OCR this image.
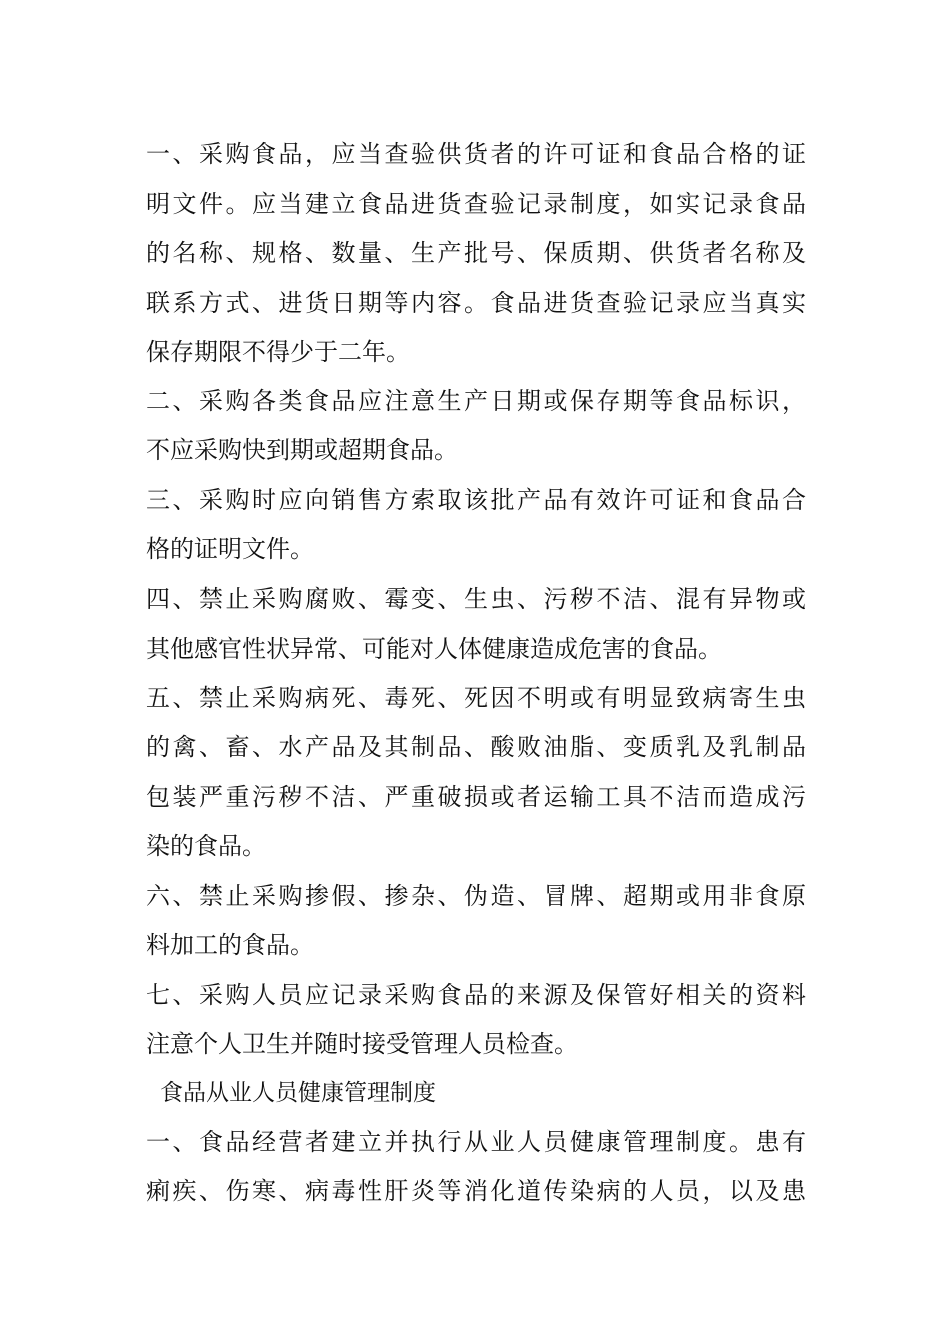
一、采购食品，应当查验供货者的许可证和食品合格的证
明文件。应当建立食品进货查验记录制度，如实记录食品
的名称、规格、数量、生产批号、保质期、供货者名称及
联系方式、进货日期等内容。食品进货查验记录应当真实
保存期限不得少于二年。
二、采购各类食品应注意生产日期或保存期等食品标识，
不应采购快到期或超期食品。
三、采购时应向销售方索取该批产品有效许可证和食品合
格的证明文件。
四、禁止采购腐败、霉变、生虫、污秽不洁、混有异物或
其他感官性状异常、可能对人体健康造成危害的食品。
五、禁止采购病死、毒死、死因不明或有明显致病寄生虫
的禽、畜、水产品及其制品、酸败油脂、变质乳及乳制品
包装严重污秽不洁、严重破损或者运输工具不洁而造成污
染的食品。
六、禁止采购掺假、掺杂、伪造、冒牌、超期或用非食原
料加工的食品。
七、采购人员应记录采购食品的来源及保管好相关的资料
注意个人卫生并随时接受管理人员检查。
食品从业人员健康管理制度
一、食品经营者建立并执行从业人员健康管理制度。患有
痢疾、伤寒、病毒性肝炎等消化道传染病的人员，以及患
